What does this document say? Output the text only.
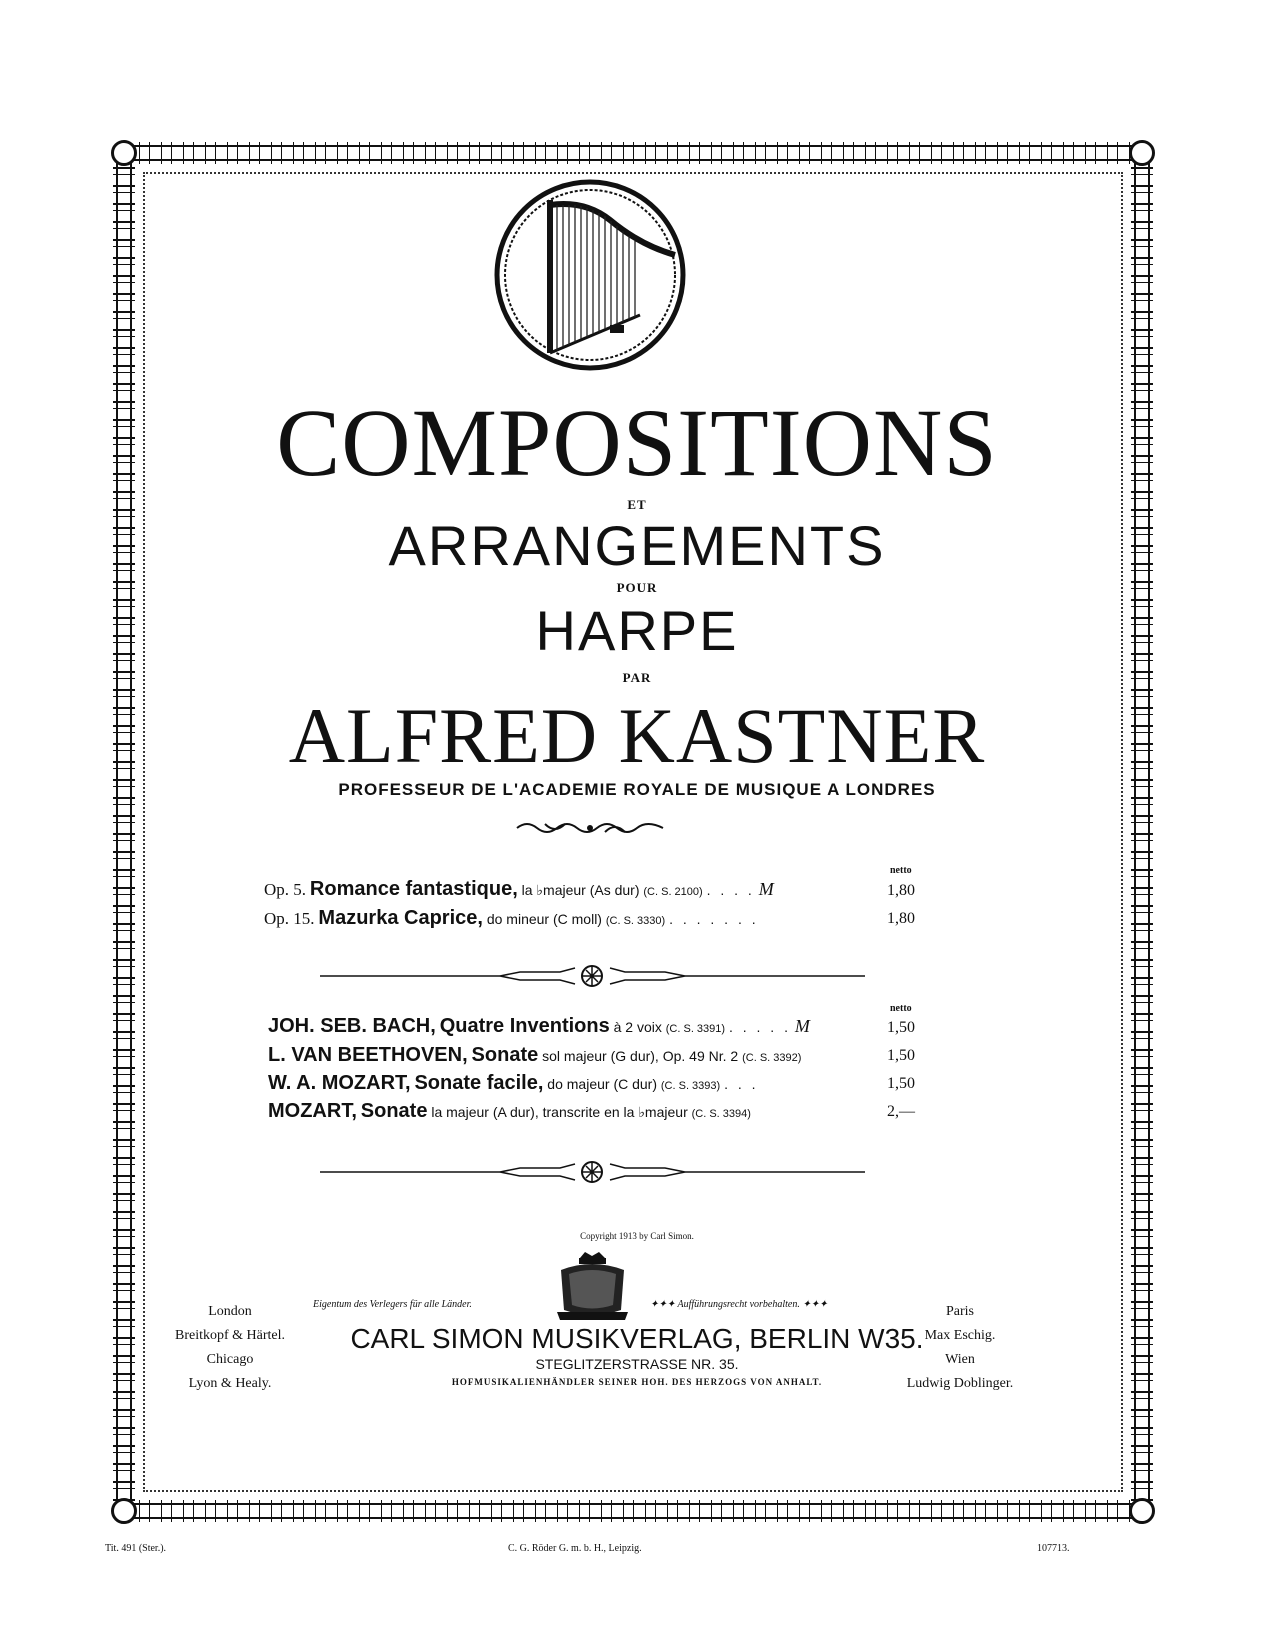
COMPOSITIONS
ET
ARRANGEMENTS
POUR
HARPE
PAR
ALFRED KASTNER
PROFESSEUR DE L'ACADEMIE ROYALE DE MUSIQUE A LONDRES
netto
Op. 5. Romance fantastique, la ♭majeur (As dur) (C. S. 2100) . . . . M	1,80
Op. 15. Mazurka Caprice, do mineur (C moll) (C. S. 3330) . . . . . . .	1,80
netto
JOH. SEB. BACH, Quatre Inventions à 2 voix (C. S. 3391) . . . . . M	1,50
L. VAN BEETHOVEN, Sonate sol majeur (G dur), Op. 49 Nr. 2 (C. S. 3392)	1,50
W. A. MOZART, Sonate facile, do majeur (C dur) (C. S. 3393) . . .	1,50
MOZART, Sonate la majeur (A dur), transcrite en la ♭majeur (C. S. 3394)	2,—
Copyright 1913 by Carl Simon.
Eigentum des Verlegers für alle Länder.	✦✦✦ Aufführungsrecht vorbehalten. ✦✦✦
London
Breitkopf & Härtel.
Chicago
Lyon & Healy.
Paris
Max Eschig.
Wien
Ludwig Doblinger.
CARL SIMON MUSIKVERLAG, BERLIN W35.
STEGLITZERSTRASSE NR. 35.
HOFMUSIKALIENHÄNDLER SEINER HOH. DES HERZOGS VON ANHALT.
Tit. 491 (Ster.).	C. G. Röder G. m. b. H., Leipzig.	107713.
